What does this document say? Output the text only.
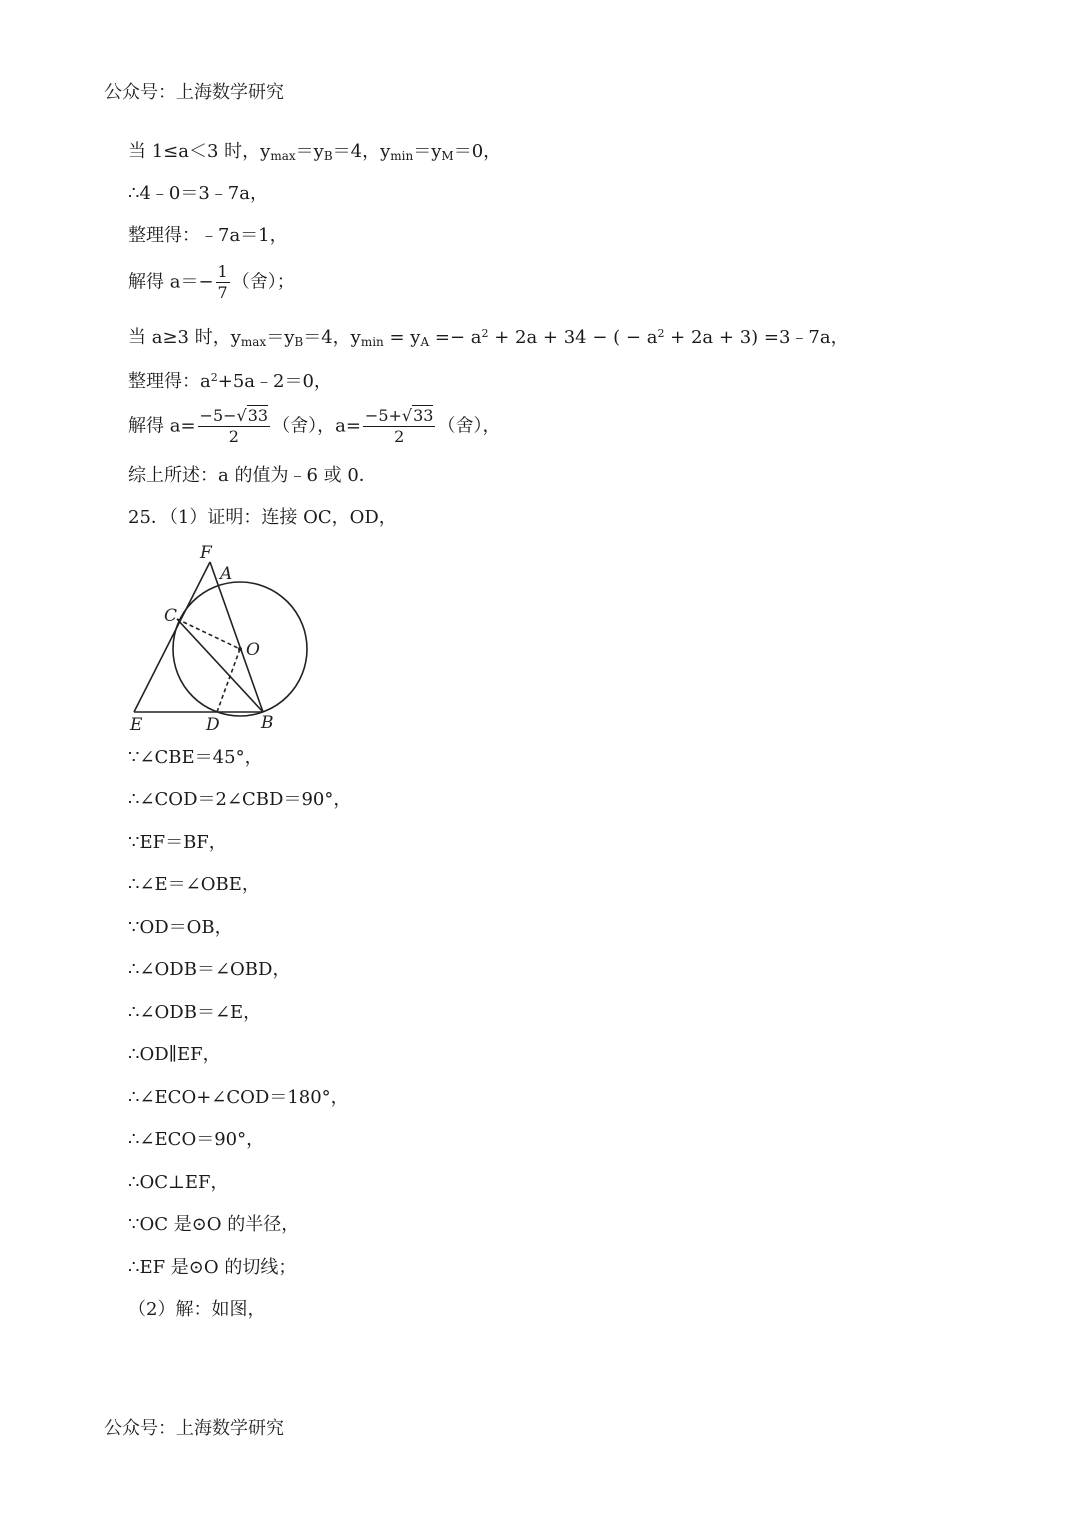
公众号：上海数学研究
当 1≤a＜3 时，$y_{max}=y_B=4$，$y_{min}=y_M=0$，
∴4﹣0＝3﹣7a，
整理得：﹣7a＝1，
解得 $a=- \frac{1}{7}$ （舍）；
当 a≥3 时，$y_{max}=y_B=4$，$y_{min} = y_A =- a^2 + 2a + 34$ − ( − $a^2 + 2a + 3$) =3﹣7a，
整理得：$a^2+5a﹣2=0$，
解得 $a= \frac{-5-√33}{2}$ （舍），$a= \frac{-5+√33}{2}$ （舍），
综上所述：a 的值为﹣6 或 0．
25．（1）证明：连接 OC，OD，
F
A
C
O
E	D B
∵∠CBE＝45°，
∴∠COD＝2∠CBD＝90°，
∵EF＝BF，
∴∠E＝∠OBE，
∵OD＝OB，
∴∠ODB＝∠OBD，
∴∠ODB＝∠E，
∴OD∥EF，
∴∠ECO+∠COD＝180°，
∴∠ECO＝90°，
∴OC⊥EF，
∵OC 是⊙O 的半径，
∴EF 是⊙O 的切线；
（2）解：如图，
公众号：上海数学研究
